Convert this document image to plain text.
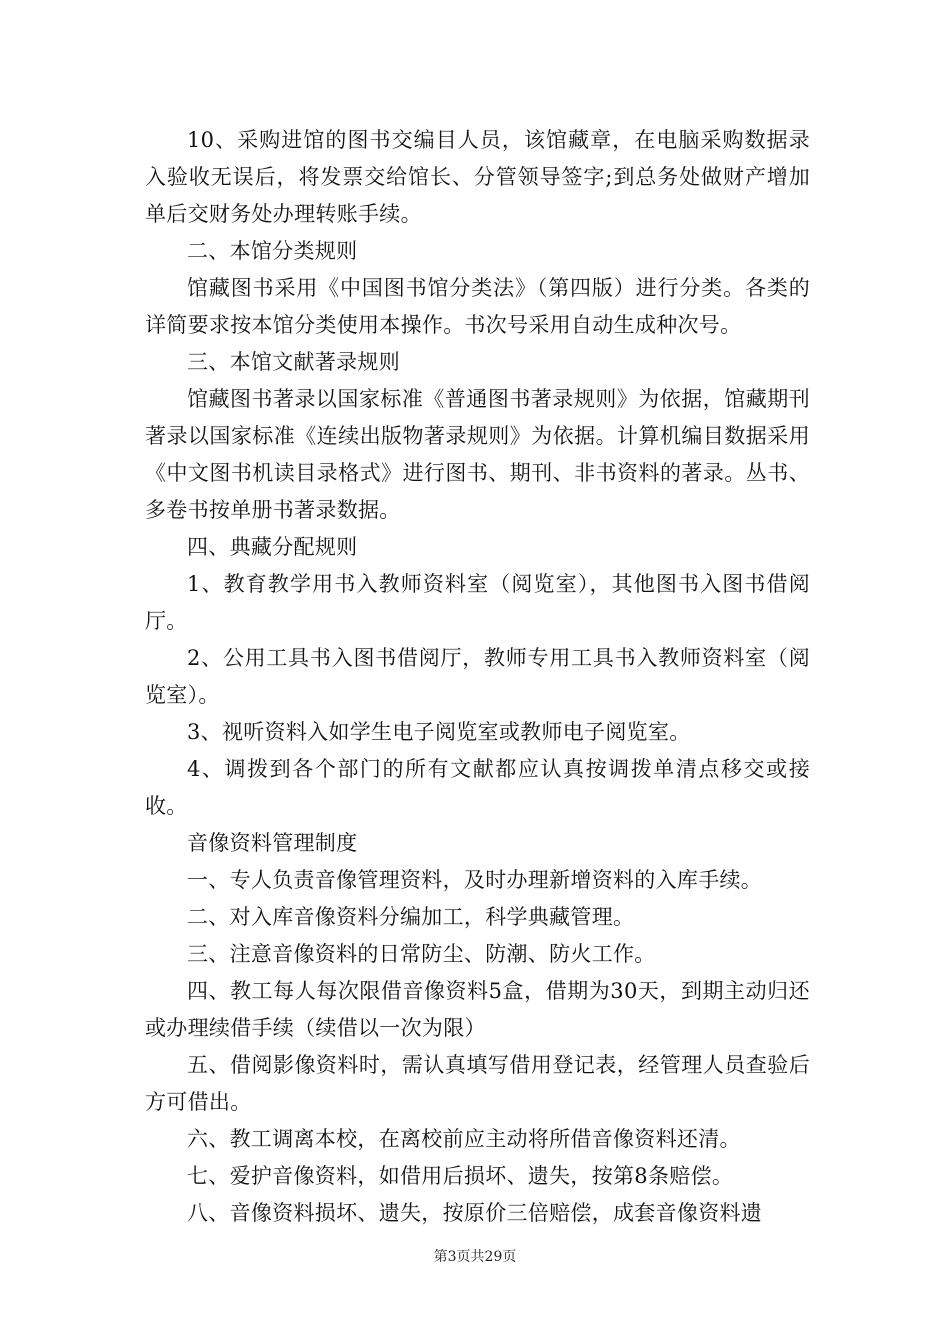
10、采购进馆的图书交编目人员，该馆藏章，在电脑采购数据录入验收无误后，将发票交给馆长、分管领导签字;到总务处做财产增加单后交财务处办理转账手续。

二、本馆分类规则

馆藏图书采用《中国图书馆分类法》（第四版）进行分类。各类的详简要求按本馆分类使用本操作。书次号采用自动生成种次号。

三、本馆文献著录规则

馆藏图书著录以国家标准《普通图书著录规则》为依据，馆藏期刊著录以国家标准《连续出版物著录规则》为依据。计算机编目数据采用《中文图书机读目录格式》进行图书、期刊、非书资料的著录。丛书、多卷书按单册书著录数据。

四、典藏分配规则

1、教育教学用书入教师资料室（阅览室），其他图书入图书借阅厅。

2、公用工具书入图书借阅厅，教师专用工具书入教师资料室（阅览室）。

3、视听资料入如学生电子阅览室或教师电子阅览室。

4、调拨到各个部门的所有文献都应认真按调拨单清点移交或接收。

音像资料管理制度

一、专人负责音像管理资料，及时办理新增资料的入库手续。

二、对入库音像资料分编加工，科学典藏管理。

三、注意音像资料的日常防尘、防潮、防火工作。

四、教工每人每次限借音像资料5盒，借期为30天，到期主动归还或办理续借手续（续借以一次为限）

五、借阅影像资料时，需认真填写借用登记表，经管理人员查验后方可借出。

六、教工调离本校，在离校前应主动将所借音像资料还清。

七、爱护音像资料，如借用后损坏、遗失，按第8条赔偿。

八、音像资料损坏、遗失，按原价三倍赔偿，成套音像资料遗

第3页共29页
